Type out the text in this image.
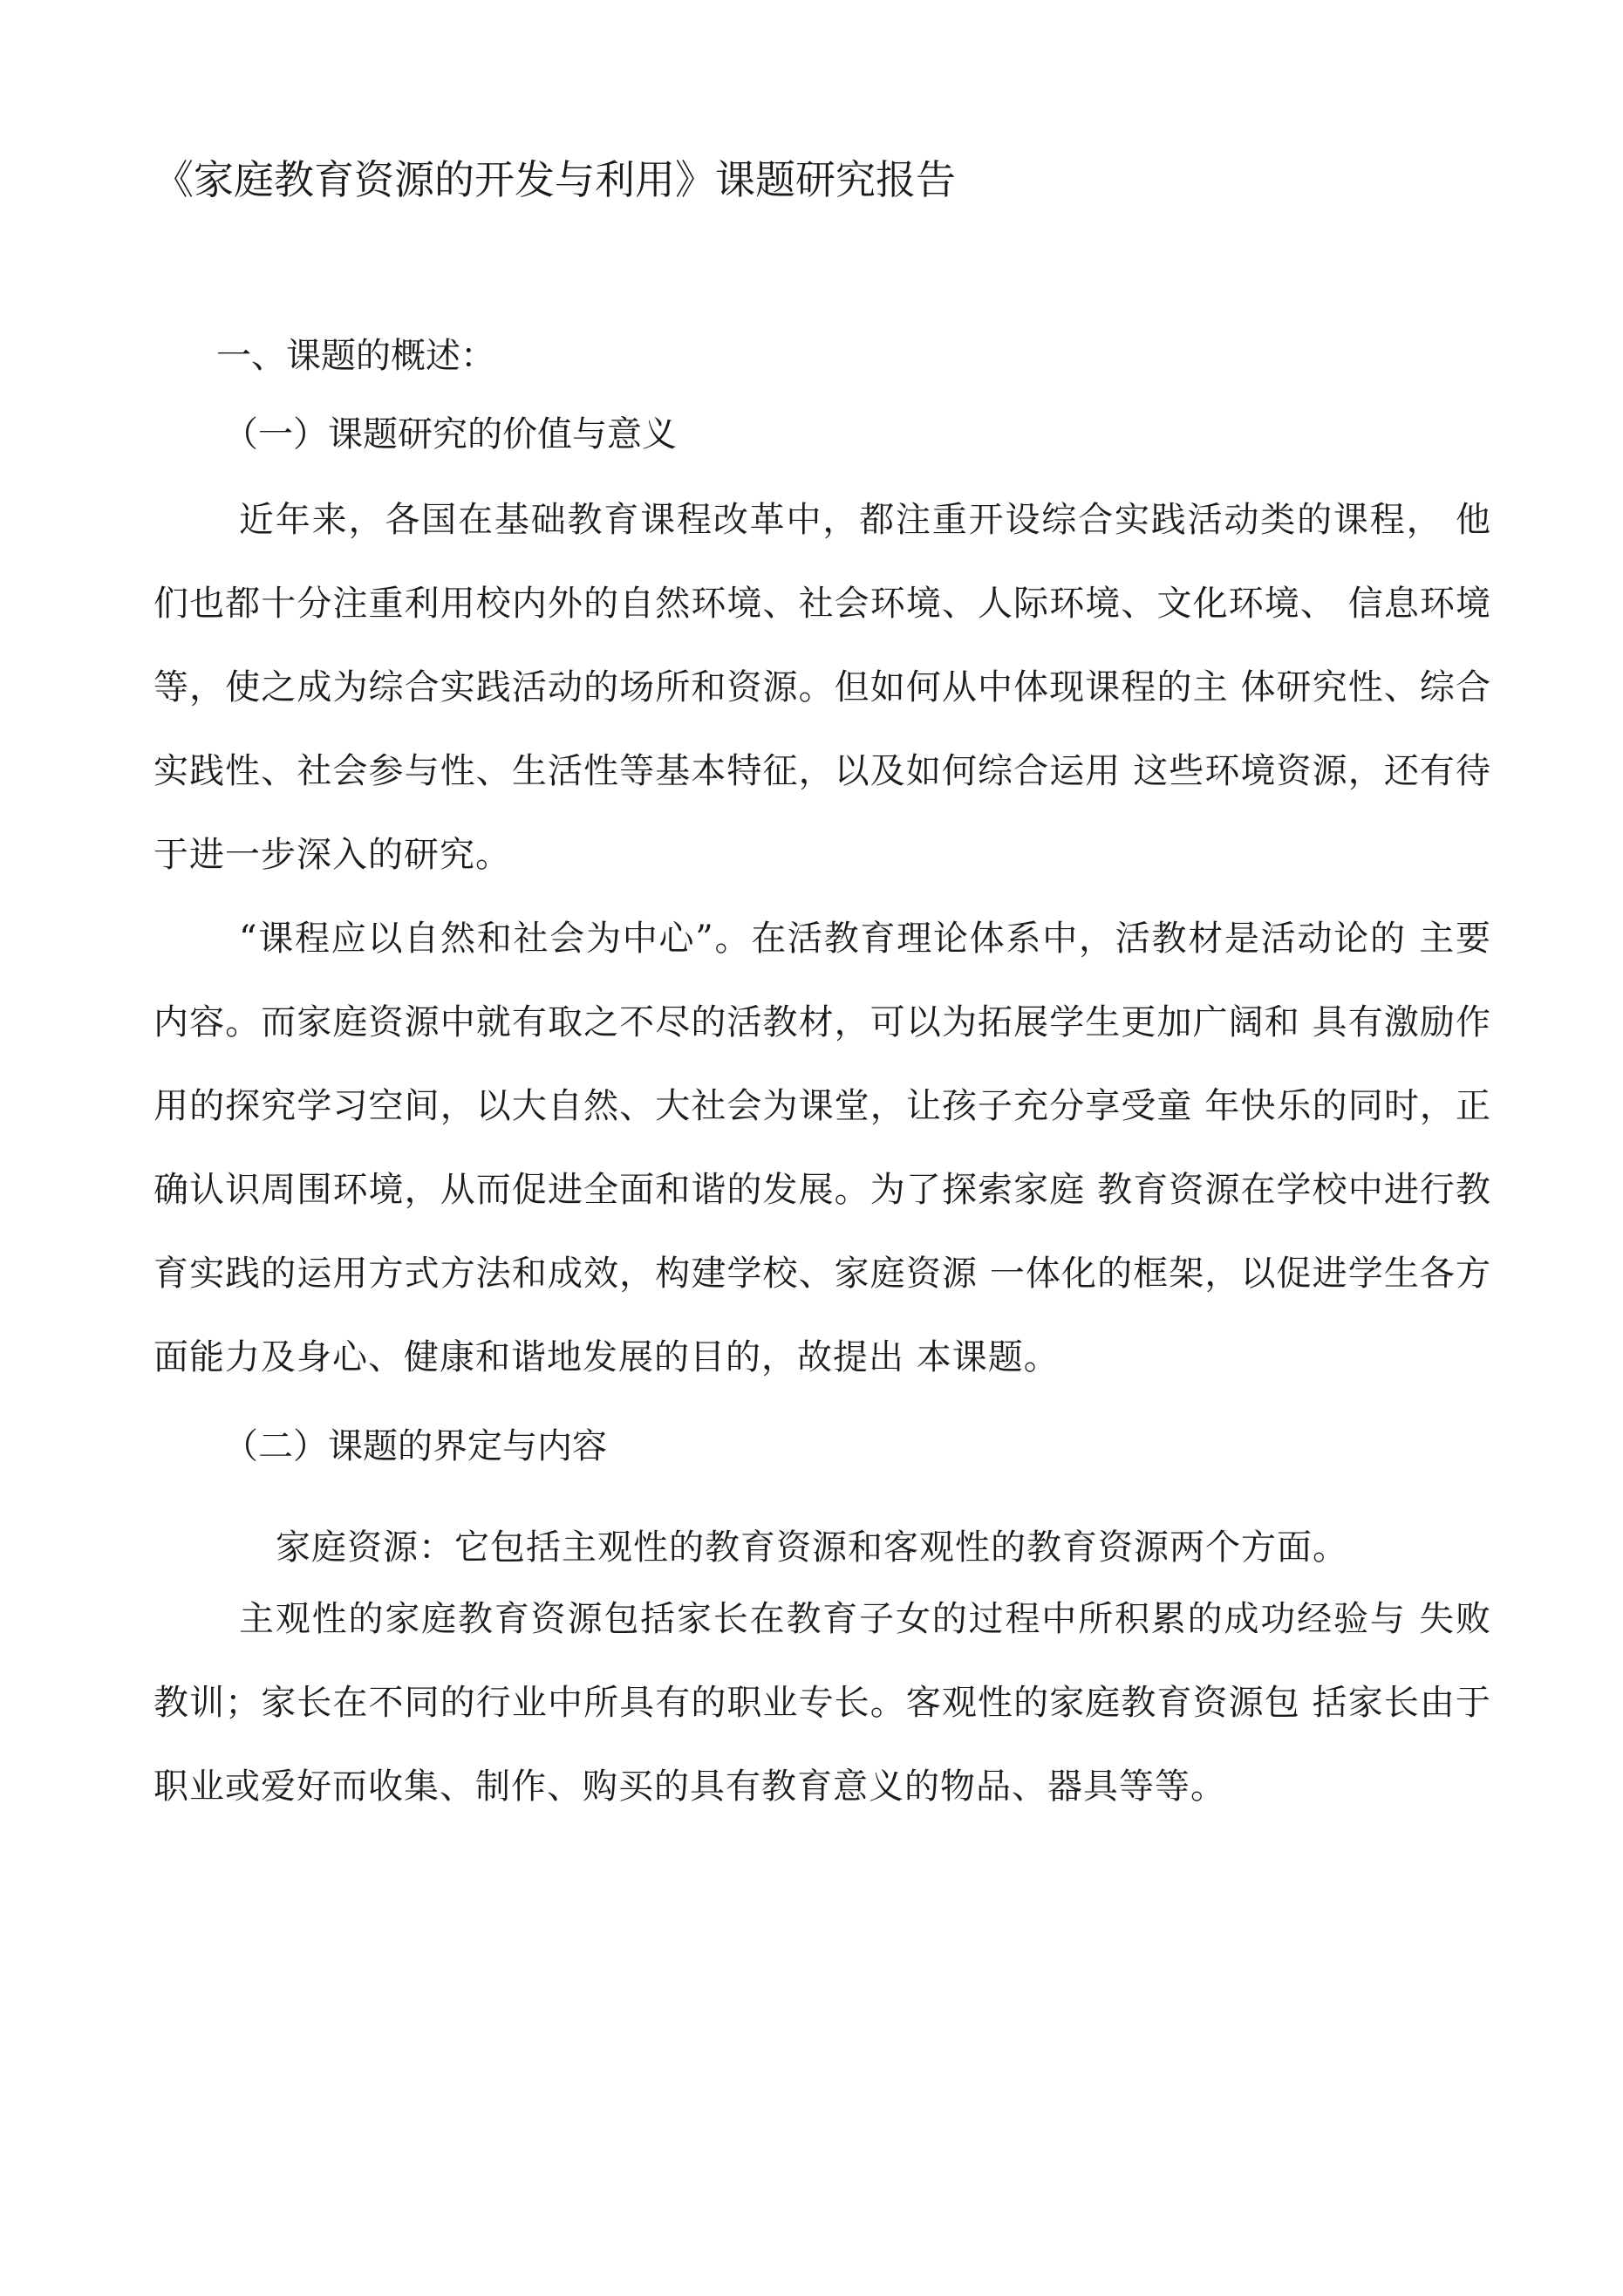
《家庭教育资源的开发与利用》课题研究报告
一、课题的概述：
（一）课题研究的价值与意义

近年来，各国在基础教育课程改革中，都注重开设综合实践活动类的课程， 他们也都十分注重利用校内外的自然环境、社会环境、人际环境、文化环境、 信息环境等，使之成为综合实践活动的场所和资源。但如何从中体现课程的主 体研究性、综合实践性、社会参与性、生活性等基本特征，以及如何综合运用 这些环境资源，还有待于进一步深入的研究。

“课程应以自然和社会为中心”。在活教育理论体系中，活教材是活动论的 主要内容。而家庭资源中就有取之不尽的活教材，可以为拓展学生更加广阔和 具有激励作用的探究学习空间，以大自然、大社会为课堂，让孩子充分享受童 年快乐的同时，正确认识周围环境，从而促进全面和谐的发展。为了探索家庭 教育资源在学校中进行教育实践的运用方式方法和成效，构建学校、家庭资源 一体化的框架，以促进学生各方面能力及身心、健康和谐地发展的目的，故提出 本课题。

（二）课题的界定与内容

家庭资源：它包括主观性的教育资源和客观性的教育资源两个方面。

主观性的家庭教育资源包括家长在教育子女的过程中所积累的成功经验与 失败教训；家长在不同的行业中所具有的职业专长。客观性的家庭教育资源包 括家长由于职业或爱好而收集、制作、购买的具有教育意义的物品、器具等等。
